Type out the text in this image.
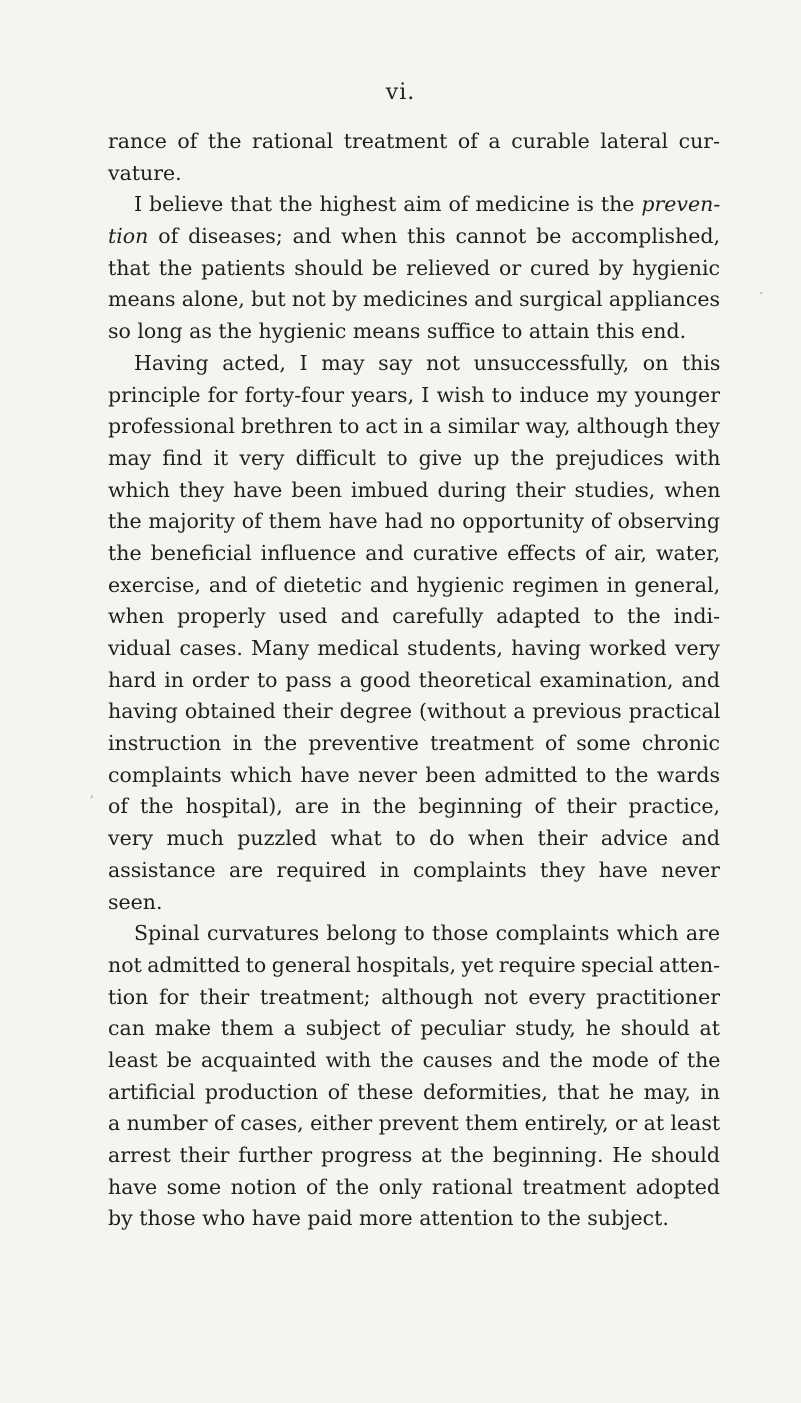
vi.
rance of the rational treatment of a curable lateral cur-
vature.
I believe that the highest aim of medicine is the preven-
tion of diseases; and when this cannot be accomplished,
that the patients should be relieved or cured by hygienic
means alone, but not by medicines and surgical appliances
so long as the hygienic means suffice to attain this end.
Having acted, I may say not unsuccessfully, on this
principle for forty-four years, I wish to induce my younger
professional brethren to act in a similar way, although they
may find it very difficult to give up the prejudices with
which they have been imbued during their studies, when
the majority of them have had no opportunity of observing
the beneficial influence and curative effects of air, water,
exercise, and of dietetic and hygienic regimen in general,
when properly used and carefully adapted to the indi-
vidual cases. Many medical students, having worked very
hard in order to pass a good theoretical examination, and
having obtained their degree (without a previous practical
instruction in the preventive treatment of some chronic
complaints which have never been admitted to the wards
of the hospital), are in the beginning of their practice,
very much puzzled what to do when their advice and
assistance are required in complaints they have never
seen.
Spinal curvatures belong to those complaints which are
not admitted to general hospitals, yet require special atten-
tion for their treatment; although not every practitioner
can make them a subject of peculiar study, he should at
least be acquainted with the causes and the mode of the
artificial production of these deformities, that he may, in
a number of cases, either prevent them entirely, or at least
arrest their further progress at the beginning. He should
have some notion of the only rational treatment adopted
by those who have paid more attention to the subject.
′
‚
